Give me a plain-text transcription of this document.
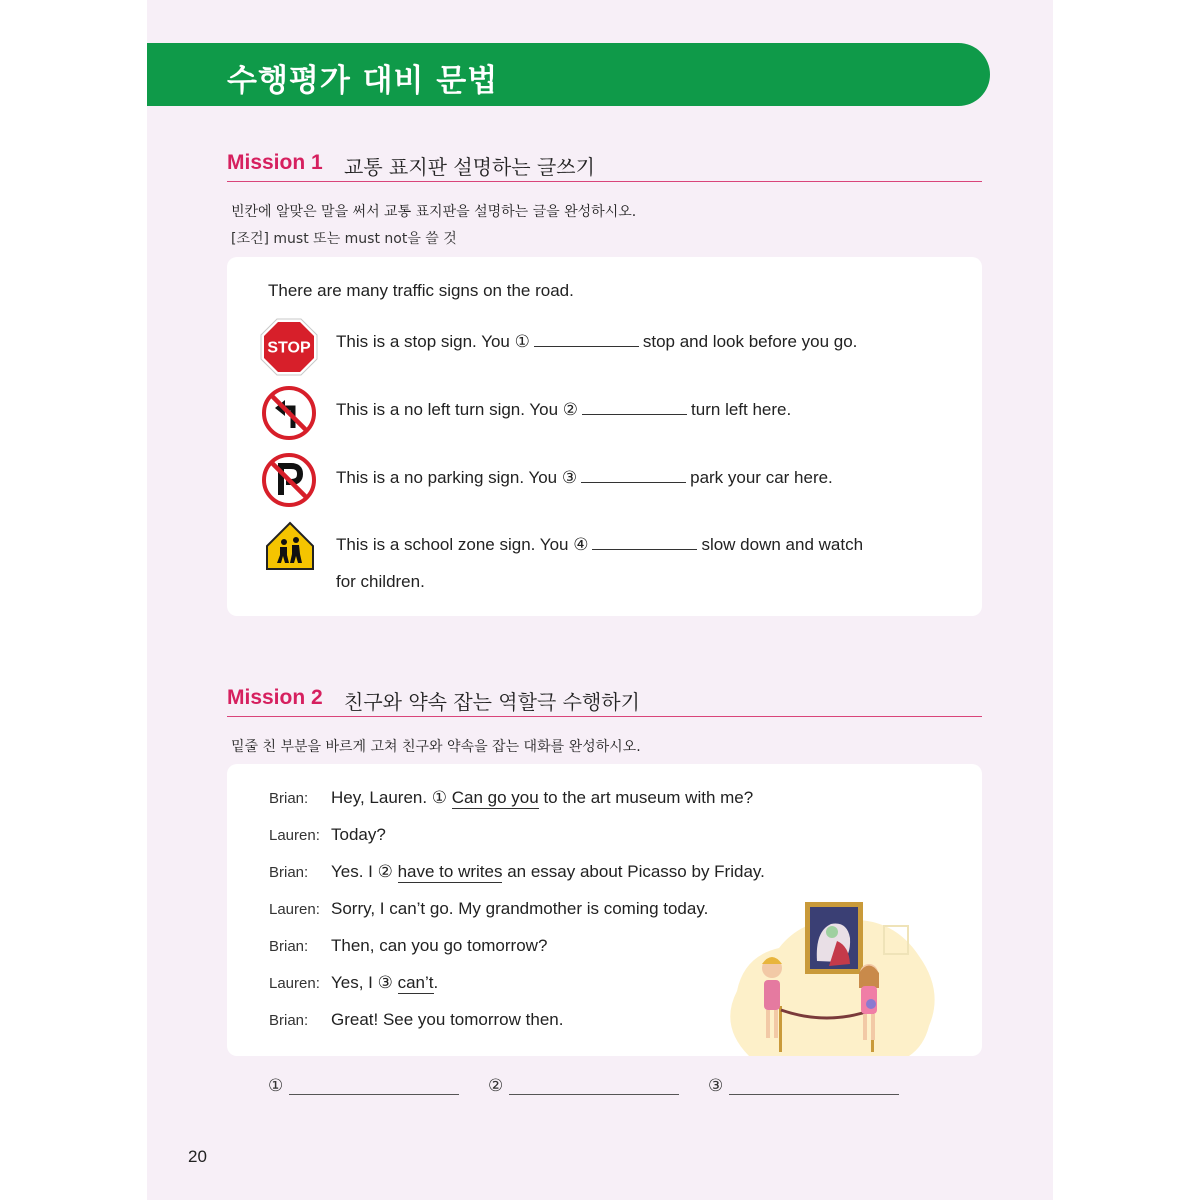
수행평가 대비 문법
Mission 1 교통 표지판 설명하는 글쓰기
빈칸에 알맞은 말을 써서 교통 표지판을 설명하는 글을 완성하시오.
[조건] must 또는 must not을 쓸 것
There are many traffic signs on the road.
STOP This is a stop sign. You ①	stop and look before you go.
This is a no left turn sign. You ②	turn left here.
This is a no parking sign. You ③	park your car here.
This is a school zone sign. You ④	slow down and watch
for children.
Mission 2 친구와 약속 잡는 역할극 수행하기
밑줄 친 부분을 바르게 고쳐 친구와 약속을 잡는 대화를 완성하시오.
Brian: Hey, Lauren. ① Can go you to the art museum with me?
Lauren: Today?
Brian: Yes. I ② have to writes an essay about Picasso by Friday.
Lauren: Sorry, I can’t go. My grandmother is coming today.
Brian: Then, can you go tomorrow?
Lauren: Yes, I ③ can’t.
Brian: Great! See you tomorrow then.
①	②	③
20
